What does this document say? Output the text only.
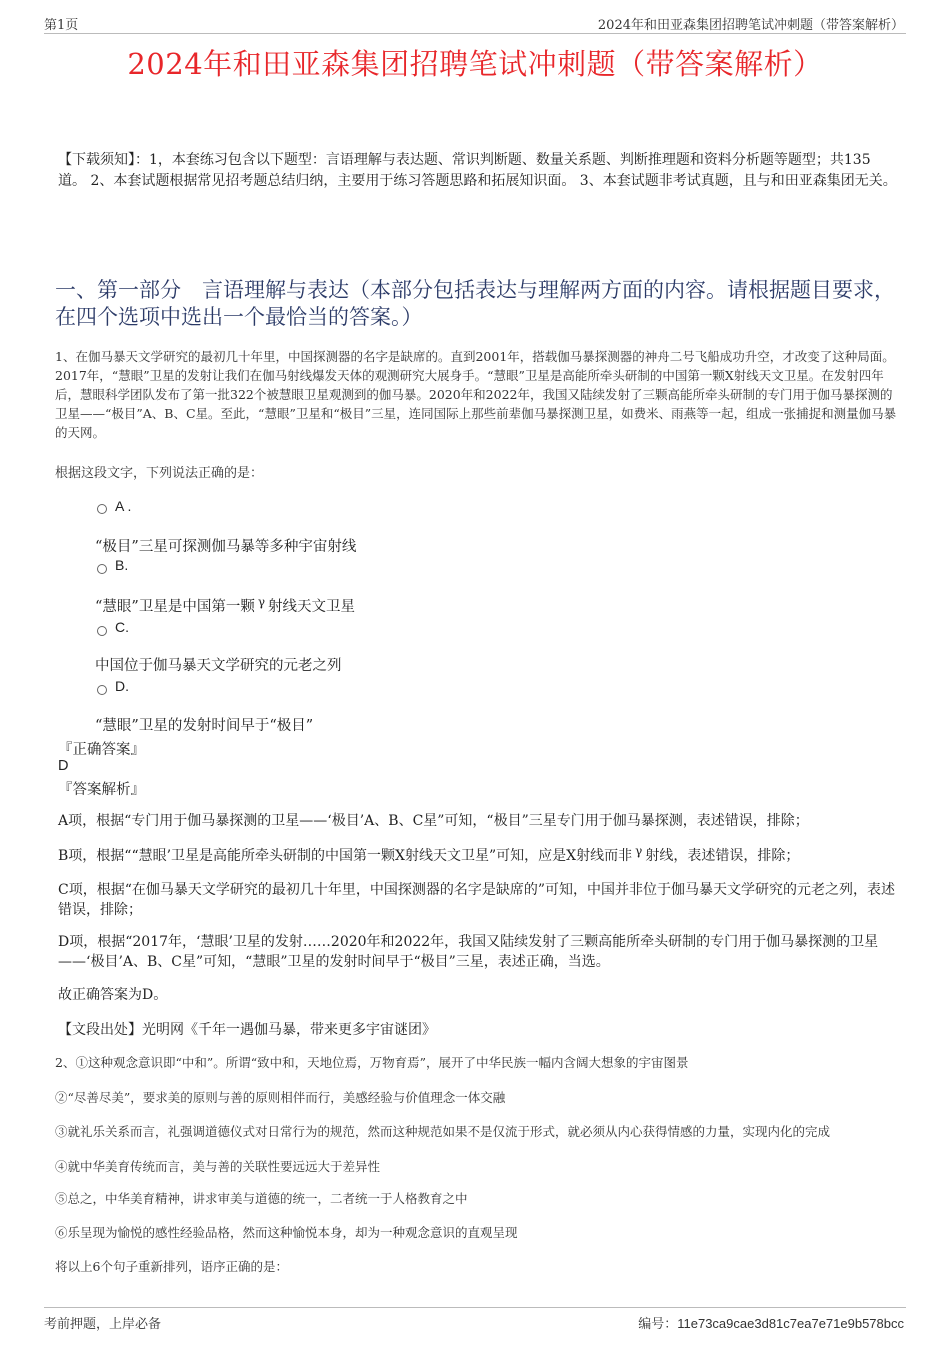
第1页	2024年和田亚森集团招聘笔试冲刺题（带答案解析）
2024年和田亚森集团招聘笔试冲刺题（带答案解析）
【下载须知】：1，本套练习包含以下题型：言语理解与表达题、常识判断题、数量关系题、判断推理题和资料分析题等题型；共135道。 2、本套试题根据常见招考题总结归纳，主要用于练习答题思路和拓展知识面。 3、本套试题非考试真题，且与和田亚森集团无关。
一、第一部分　言语理解与表达（本部分包括表达与理解两方面的内容。请根据题目要求，在四个选项中选出一个最恰当的答案。）
1、在伽马暴天文学研究的最初几十年里，中国探测器的名字是缺席的。直到2001年，搭载伽马暴探测器的神舟二号飞船成功升空，才改变了这种局面。2017年，“慧眼”卫星的发射让我们在伽马射线爆发天体的观测研究大展身手。“慧眼”卫星是高能所牵头研制的中国第一颗X射线天文卫星。在发射四年后，慧眼科学团队发布了第一批322个被慧眼卫星观测到的伽马暴。2020年和2022年，我国又陆续发射了三颗高能所牵头研制的专门用于伽马暴探测的卫星——“极目”A、B、C星。至此，“慧眼”卫星和“极目”三星，连同国际上那些前辈伽马暴探测卫星，如费米、雨燕等一起，组成一张捕捉和测量伽马暴的天网。
根据这段文字，下列说法正确的是：
A .
“极目”三星可探测伽马暴等多种宇宙射线
B.
“慧眼”卫星是中国第一颗 $^\gamma$ 射线天文卫星
C.
中国位于伽马暴天文学研究的元老之列
D.
“慧眼”卫星的发射时间早于“极目”
『正确答案』
D
『答案解析』
A项，根据“专门用于伽马暴探测的卫星——‘极目’A、B、C星”可知，“极目”三星专门用于伽马暴探测，表述错误，排除；
B项，根据““慧眼’卫星是高能所牵头研制的中国第一颗X射线天文卫星”可知，应是X射线而非 γ 射线，表述错误，排除；
C项，根据“在伽马暴天文学研究的最初几十年里，中国探测器的名字是缺席的”可知，中国并非位于伽马暴天文学研究的元老之列，表述错误，排除；
D项，根据“2017年，‘慧眼’卫星的发射……2020年和2022年，我国又陆续发射了三颗高能所牵头研制的专门用于伽马暴探测的卫星——‘极目’A、B、C星”可知，“慧眼”卫星的发射时间早于“极目”三星，表述正确，当选。
故正确答案为D。
【文段出处】光明网《千年一遇伽马暴，带来更多宇宙谜团》
2、①这种观念意识即“中和”。所谓“致中和，天地位焉，万物育焉”，展开了中华民族一幅内含阔大想象的宇宙图景
②“尽善尽美”，要求美的原则与善的原则相伴而行，美感经验与价值理念一体交融
③就礼乐关系而言，礼强调道德仪式对日常行为的规范，然而这种规范如果不是仅流于形式，就必须从内心获得情感的力量，实现内化的完成
④就中华美育传统而言，美与善的关联性要远远大于差异性
⑤总之，中华美育精神，讲求审美与道德的统一，二者统一于人格教育之中
⑥乐呈现为愉悦的感性经验品格，然而这种愉悦本身，却为一种观念意识的直观呈现
将以上6个句子重新排列，语序正确的是：
考前押题，上岸必备	编号：11e73ca9cae3d81c7ea7e71e9b578bcc
